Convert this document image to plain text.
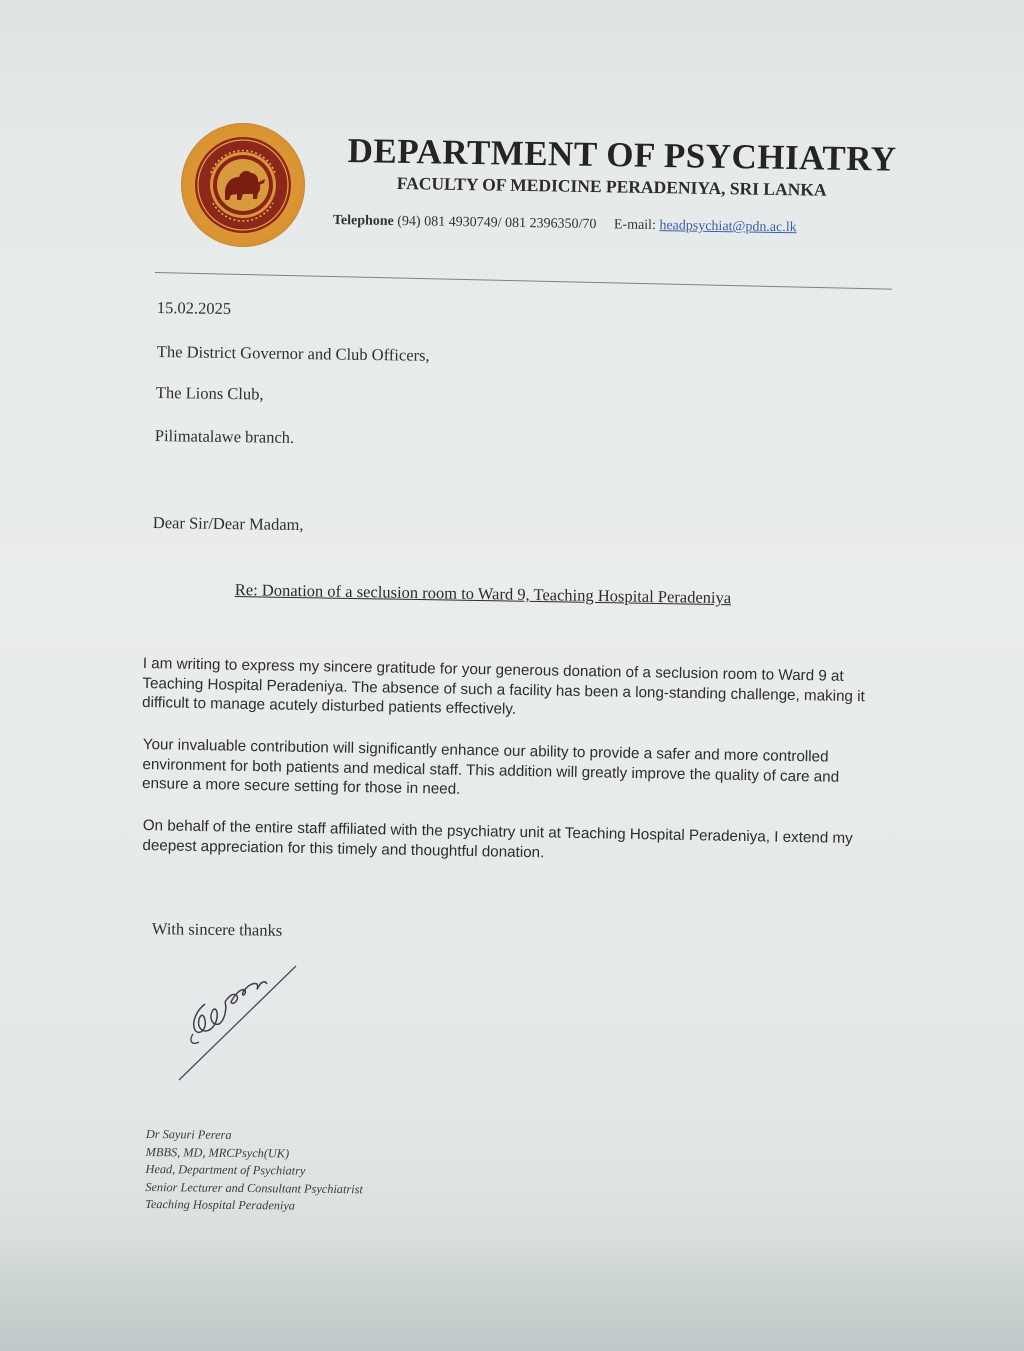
DEPARTMENT OF PSYCHIATRY
FACULTY OF MEDICINE PERADENIYA, SRI LANKA
Telephone (94) 081 4930749/ 081 2396350/70 E-mail: headpsychiat@pdn.ac.lk
15.02.2025
The District Governor and Club Officers,
The Lions Club,
Pilimatalawe branch.
Dear Sir/Dear Madam,
Re: Donation of a seclusion room to Ward 9, Teaching Hospital Peradeniya
I am writing to express my sincere gratitude for your generous donation of a seclusion room to Ward 9 at Teaching Hospital Peradeniya. The absence of such a facility has been a long-standing challenge, making it difficult to manage acutely disturbed patients effectively.
Your invaluable contribution will significantly enhance our ability to provide a safer and more controlled environment for both patients and medical staff. This addition will greatly improve the quality of care and ensure a more secure setting for those in need.
On behalf of the entire staff affiliated with the psychiatry unit at Teaching Hospital Peradeniya, I extend my deepest appreciation for this timely and thoughtful donation.
With sincere thanks
Dr Sayuri Perera
MBBS, MD, MRCPsych(UK)
Head, Department of Psychiatry
Senior Lecturer and Consultant Psychiatrist
Teaching Hospital Peradeniya
